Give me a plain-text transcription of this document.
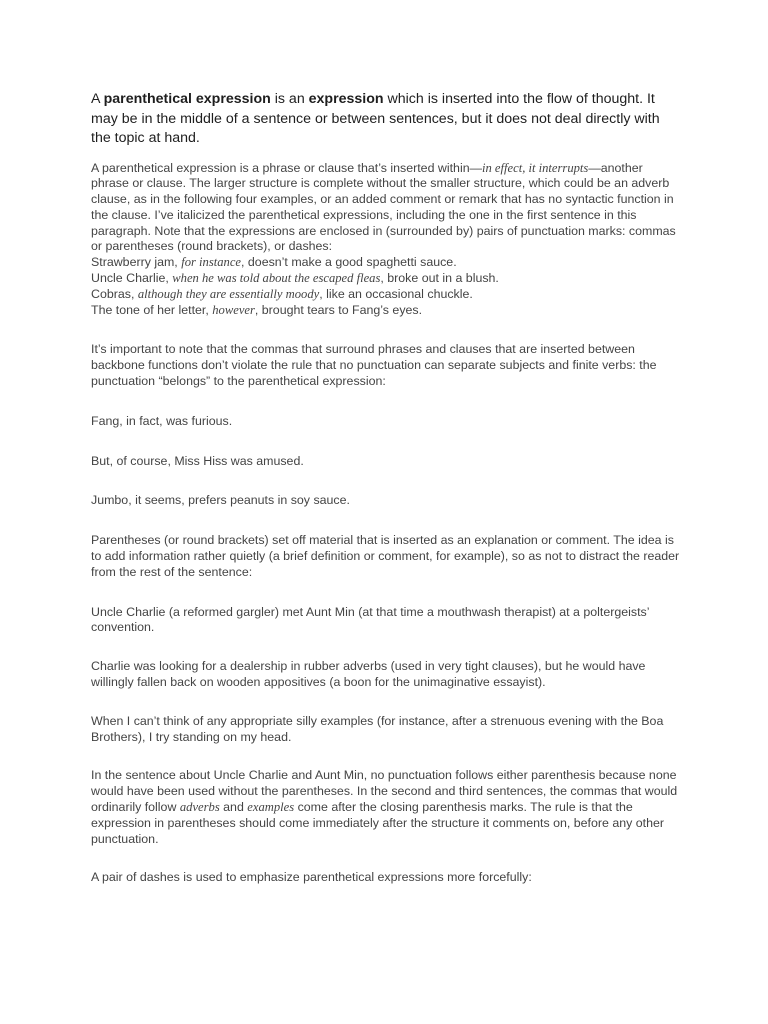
A parenthetical expression is an expression which is inserted into the flow of thought. It may be in the middle of a sentence or between sentences, but it does not deal directly with the topic at hand.

A parenthetical expression is a phrase or clause that’s inserted within—in effect, it interrupts—another phrase or clause. The larger structure is complete without the smaller structure, which could be an adverb clause, as in the following four examples, or an added comment or remark that has no syntactic function in the clause. I’ve italicized the parenthetical expressions, including the one in the first sentence in this paragraph. Note that the expressions are enclosed in (surrounded by) pairs of punctuation marks: commas or parentheses (round brackets), or dashes:
Strawberry jam, for instance, doesn’t make a good spaghetti sauce.
Uncle Charlie, when he was told about the escaped fleas, broke out in a blush.
Cobras, although they are essentially moody, like an occasional chuckle.
The tone of her letter, however, brought tears to Fang’s eyes.

It’s important to note that the commas that surround phrases and clauses that are inserted between backbone functions don’t violate the rule that no punctuation can separate subjects and finite verbs: the punctuation “belongs” to the parenthetical expression:

Fang, in fact, was furious.

But, of course, Miss Hiss was amused.

Jumbo, it seems, prefers peanuts in soy sauce.

Parentheses (or round brackets) set off material that is inserted as an explanation or comment. The idea is to add information rather quietly (a brief definition or comment, for example), so as not to distract the reader from the rest of the sentence:

Uncle Charlie (a reformed gargler) met Aunt Min (at that time a mouthwash therapist) at a poltergeists’ convention.

Charlie was looking for a dealership in rubber adverbs (used in very tight clauses), but he would have willingly fallen back on wooden appositives (a boon for the unimaginative essayist).

When I can’t think of any appropriate silly examples (for instance, after a strenuous evening with the Boa Brothers), I try standing on my head.

In the sentence about Uncle Charlie and Aunt Min, no punctuation follows either parenthesis because none would have been used without the parentheses. In the second and third sentences, the commas that would ordinarily follow adverbs and examples come after the closing parenthesis marks. The rule is that the expression in parentheses should come immediately after the structure it comments on, before any other punctuation.

A pair of dashes is used to emphasize parenthetical expressions more forcefully:
